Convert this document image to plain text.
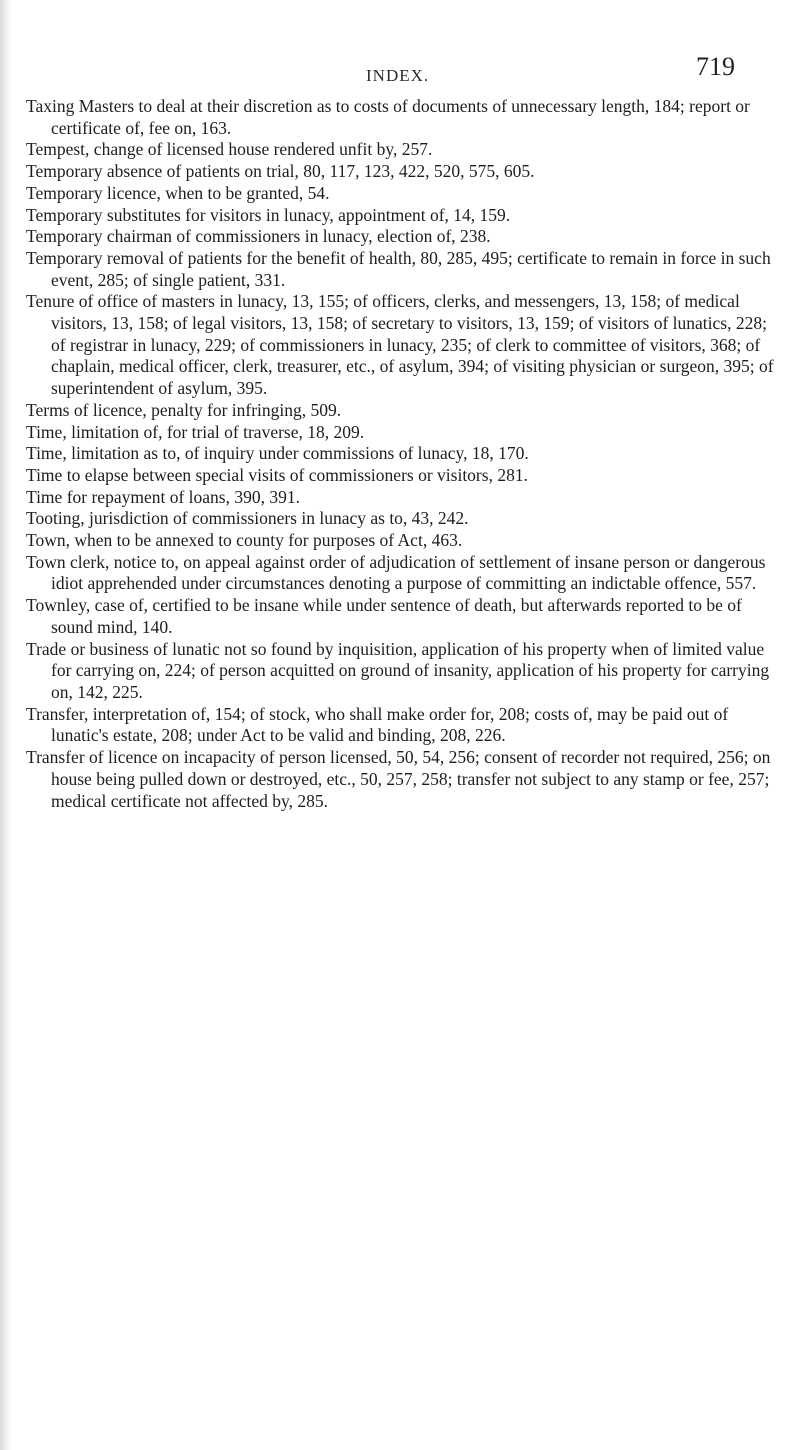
INDEX.	719

Taxing Masters to deal at their discretion as to costs of documents of unnecessary length, 184; report or certificate of, fee on, 163.

Tempest, change of licensed house rendered unfit by, 257.

Temporary absence of patients on trial, 80, 117, 123, 422, 520, 575, 605.

Temporary licence, when to be granted, 54.

Temporary substitutes for visitors in lunacy, appointment of, 14, 159.

Temporary chairman of commissioners in lunacy, election of, 238.

Temporary removal of patients for the benefit of health, 80, 285, 495; certificate to remain in force in such event, 285; of single patient, 331.

Tenure of office of masters in lunacy, 13, 155; of officers, clerks, and messengers, 13, 158; of medical visitors, 13, 158; of legal visitors, 13, 158; of secretary to visitors, 13, 159; of visitors of lunatics, 228; of registrar in lunacy, 229; of commissioners in lunacy, 235; of clerk to committee of visitors, 368; of chaplain, medical officer, clerk, treasurer, etc., of asylum, 394; of visiting physician or surgeon, 395; of superintendent of asylum, 395.

Terms of licence, penalty for infringing, 509.

Time, limitation of, for trial of traverse, 18, 209.

Time, limitation as to, of inquiry under commissions of lunacy, 18, 170.

Time to elapse between special visits of commissioners or visitors, 281.

Time for repayment of loans, 390, 391.

Tooting, jurisdiction of commissioners in lunacy as to, 43, 242.

Town, when to be annexed to county for purposes of Act, 463.

Town clerk, notice to, on appeal against order of adjudication of settlement of insane person or dangerous idiot apprehended under circumstances denoting a purpose of committing an indictable offence, 557.

Townley, case of, certified to be insane while under sentence of death, but afterwards reported to be of sound mind, 140.

Trade or business of lunatic not so found by inquisition, application of his property when of limited value for carrying on, 224; of person acquitted on ground of insanity, application of his property for carrying on, 142, 225.

Transfer, interpretation of, 154; of stock, who shall make order for, 208; costs of, may be paid out of lunatic's estate, 208; under Act to be valid and binding, 208, 226.

Transfer of licence on incapacity of person licensed, 50, 54, 256; consent of recorder not required, 256; on house being pulled down or destroyed, etc., 50, 257, 258; transfer not subject to any stamp or fee, 257; medical certificate not affected by, 285.
